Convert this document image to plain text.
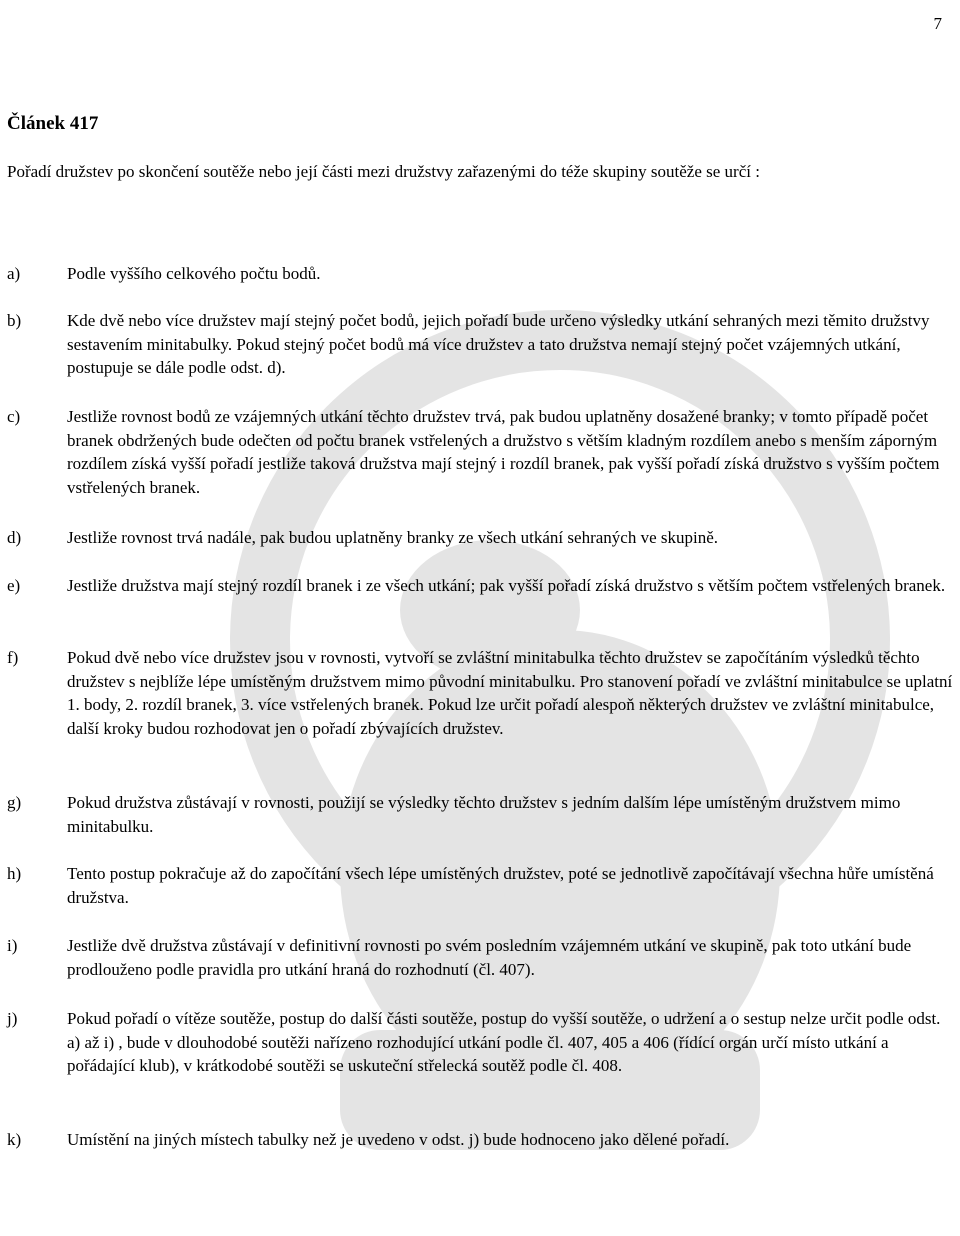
7
Článek 417

Pořadí družstev po skončení soutěže nebo její části mezi družstvy zařazenými do téže skupiny soutěže se určí :

a)	Podle vyššího celkového počtu bodů.
b)	Kde dvě nebo více družstev mají stejný počet bodů, jejich pořadí bude určeno výsledky utkání sehraných mezi těmito družstvy sestavením minitabulky. Pokud stejný počet bodů má více družstev a tato družstva nemají stejný počet vzájemných utkání, postupuje se dále podle odst. d).
c)	Jestliže rovnost bodů ze vzájemných utkání těchto družstev trvá, pak budou uplatněny dosažené branky; v tomto případě počet branek obdržených bude odečten od počtu branek vstřelených a družstvo s větším kladným rozdílem anebo s menším záporným rozdílem získá vyšší pořadí jestliže taková družstva mají stejný i rozdíl branek, pak vyšší pořadí získá družstvo s vyšším počtem vstřelených branek.
d)	Jestliže rovnost trvá nadále, pak budou uplatněny branky ze všech utkání sehraných ve skupině.
e)	Jestliže družstva mají stejný rozdíl branek i ze všech utkání; pak vyšší pořadí získá družstvo s větším počtem vstřelených branek.
f)	Pokud dvě nebo více družstev jsou v rovnosti, vytvoří se zvláštní minitabulka těchto družstev se započítáním výsledků těchto družstev s nejblíže lépe umístěným družstvem mimo původní minitabulku. Pro stanovení pořadí ve zvláštní minitabulce se uplatní 1. body, 2. rozdíl branek, 3. více vstřelených branek. Pokud lze určit pořadí alespoň některých družstev ve zvláštní minitabulce, další kroky budou rozhodovat jen o pořadí zbývajících družstev.
g)	Pokud družstva zůstávají v rovnosti, použijí se výsledky těchto družstev s jedním dalším lépe umístěným družstvem mimo minitabulku.
h)	Tento postup pokračuje až do započítání všech lépe umístěných družstev, poté se jednotlivě započítávají všechna hůře umístěná družstva.
i)	Jestliže dvě družstva zůstávají v definitivní rovnosti po svém posledním vzájemném utkání ve skupině, pak toto utkání bude prodlouženo podle pravidla pro utkání hraná do rozhodnutí (čl. 407).
j)	Pokud pořadí o vítěze soutěže, postup do další části soutěže, postup do vyšší soutěže, o udržení a o sestup nelze určit podle odst. a) až i) , bude v dlouhodobé soutěži nařízeno rozhodující utkání podle čl. 407, 405 a 406 (řídící orgán určí místo utkání a pořádající klub), v krátkodobé soutěži se uskuteční střelecká soutěž podle čl. 408.
k)	Umístění na jiných místech tabulky než je uvedeno v odst. j) bude hodnoceno jako dělené pořadí.
